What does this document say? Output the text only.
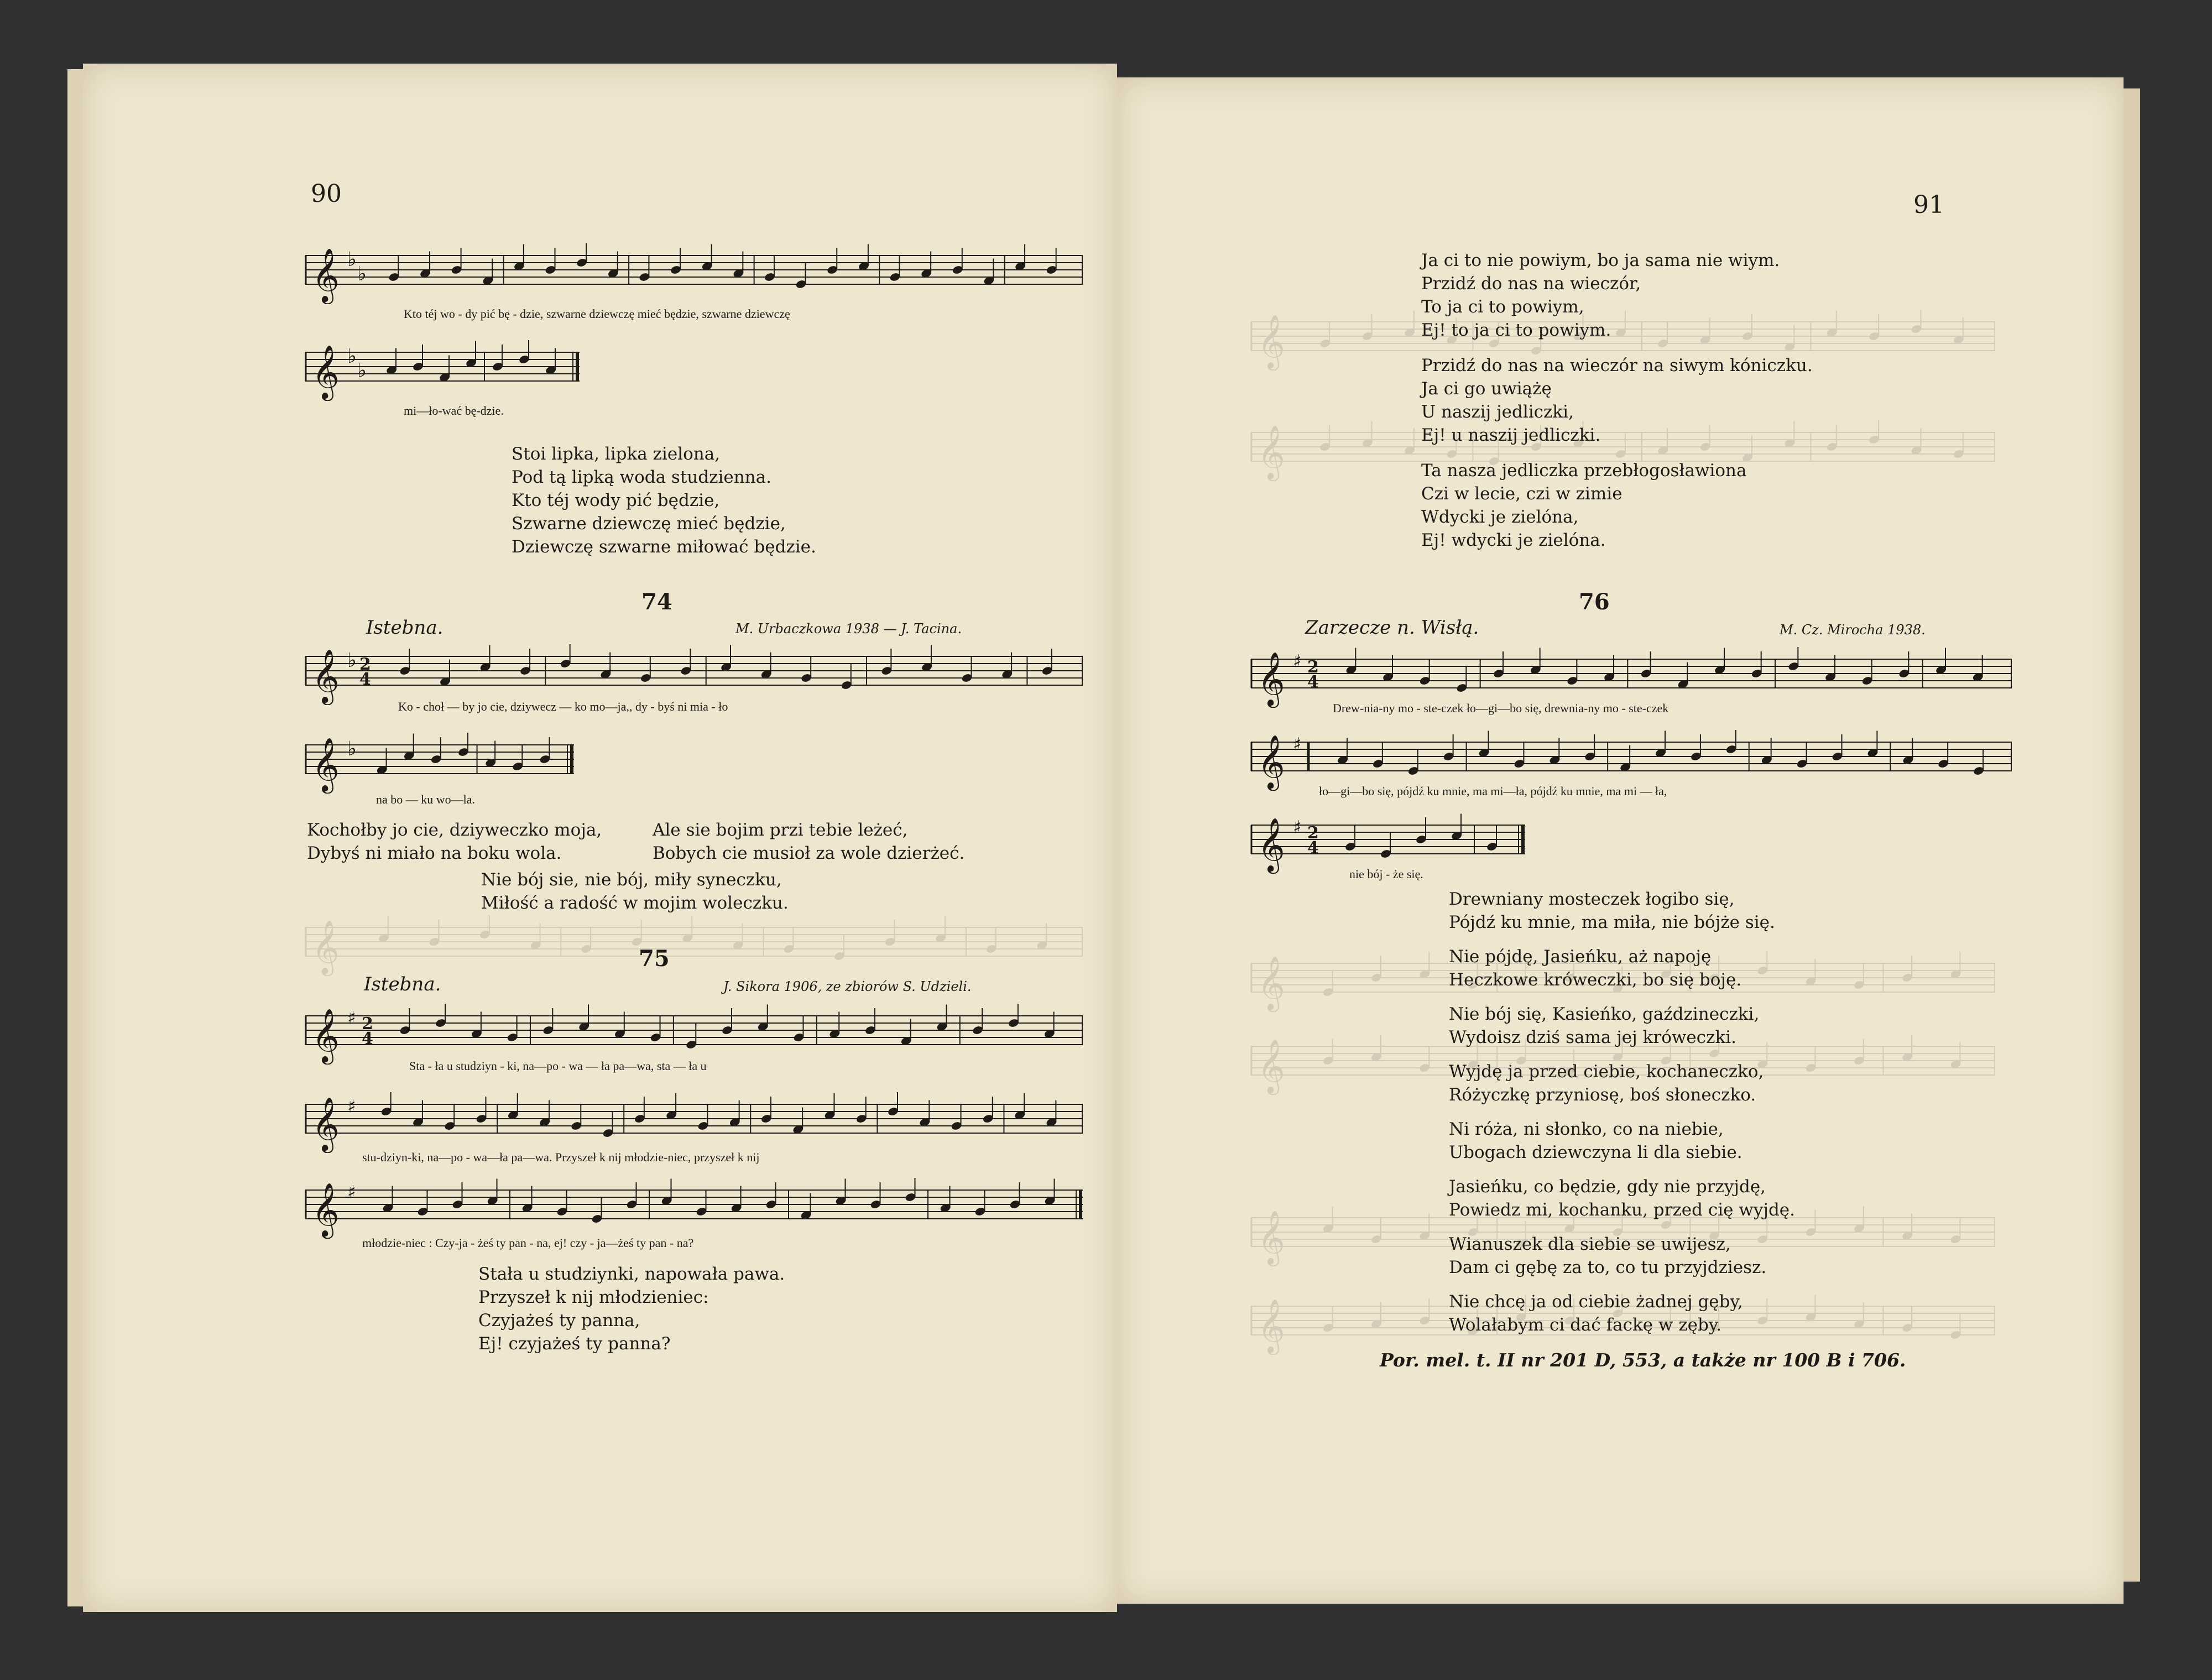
90
𝄞 ♭
♭
Kto téj wo - dy pić bę - dzie, szwarne dziewczę mieć będzie, szwarne dziewczę
𝄞 ♭
♭
mi—ło-wać bę-dzie.
Stoi lipka, lipka zielona,
Pod tą lipką woda studzienna.
Kto téj wody pić będzie,
Szwarne dziewczę mieć będzie,
Dziewczę szwarne miłować będzie.
74
Istebna.	M. Urbaczkowa 1938 — J. Tacina.
𝄞 ♭ 2
4
Ko - choł — by jo cie, dziywecz — ko mo—ja,, dy - byś ni mia - ło
𝄞 ♭
na bo — ku wo—la.
Kochołby jo cie, dziyweczko moja,
Dybyś ni miało na boku wola.
Ale sie bojim przi tebie leżeć,
Bobych cie musioł za wole dzierżeć.
Nie bój sie, nie bój, miły syneczku,
Miłość a radość w mojim woleczku.
𝄞	75
Istebna.	J. Sikora 1906, ze zbiorów S. Udzieli.
𝄞 ♯ 2
4
Sta - ła u studziyn - ki, na—po - wa — ła pa—wa, sta — ła u
𝄞 ♯
stu-dziyn-ki, na—po - wa—ła pa—wa. Przyszeł k nij młodzie-niec, przyszeł k nij
𝄞 ♯
młodzie-niec : Czy-ja - żeś ty pan - na, ej! czy - ja—żeś ty pan - na?
Stała u studziynki, napowała pawa.
Przyszeł k nij młodzieniec:
Czyjażeś ty panna,
Ej! czyjażeś ty panna?
91
𝄞
𝄞
Ja ci to nie powiym, bo ja sama nie wiym.
Przidź do nas na wieczór,
To ja ci to powiym,
Ej! to ja ci to powiym.
Przidź do nas na wieczór na siwym kóniczku.
Ja ci go uwiążę
U naszij jedliczki,
Ej! u naszij jedliczki.
Ta nasza jedliczka przebłogosławiona
Czi w lecie, czi w zimie
Wdycki je zielóna,
Ej! wdycki je zielóna.
76
Zarzecze n. Wisłą.	M. Cz. Mirocha 1938.
𝄞 ♯ 2
4
Drew-nia-ny mo - ste-czek ło—gi—bo się, drewnia-ny mo - ste-czek
𝄞 ♯
ło—gi—bo się, pójdź ku mnie, ma mi—ła, pójdź ku mnie, ma mi — ła,
𝄞 ♯ 2
4
nie bój - że się.
𝄞
𝄞
𝄞
𝄞
Drewniany mosteczek łogibo się,
Pójdź ku mnie, ma miła, nie bójże się.
Nie pójdę, Jasieńku, aż napoję
Heczkowe króweczki, bo się boję.
Nie bój się, Kasieńko, gaździneczki,
Wydoisz dziś sama jej króweczki.
Wyjdę ja przed ciebie, kochaneczko,
Różyczkę przyniosę, boś słoneczko.
Ni róża, ni słonko, co na niebie,
Ubogach dziewczyna li dla siebie.
Jasieńku, co będzie, gdy nie przyjdę,
Powiedz mi, kochanku, przed cię wyjdę.
Wianuszek dla siebie se uwijesz,
Dam ci gębę za to, co tu przyjdziesz.
Nie chcę ja od ciebie żadnej gęby,
Wolałabym ci dać fackę w zęby.
Por. mel. t. II nr 201 D, 553, a także nr 100 B i 706.
